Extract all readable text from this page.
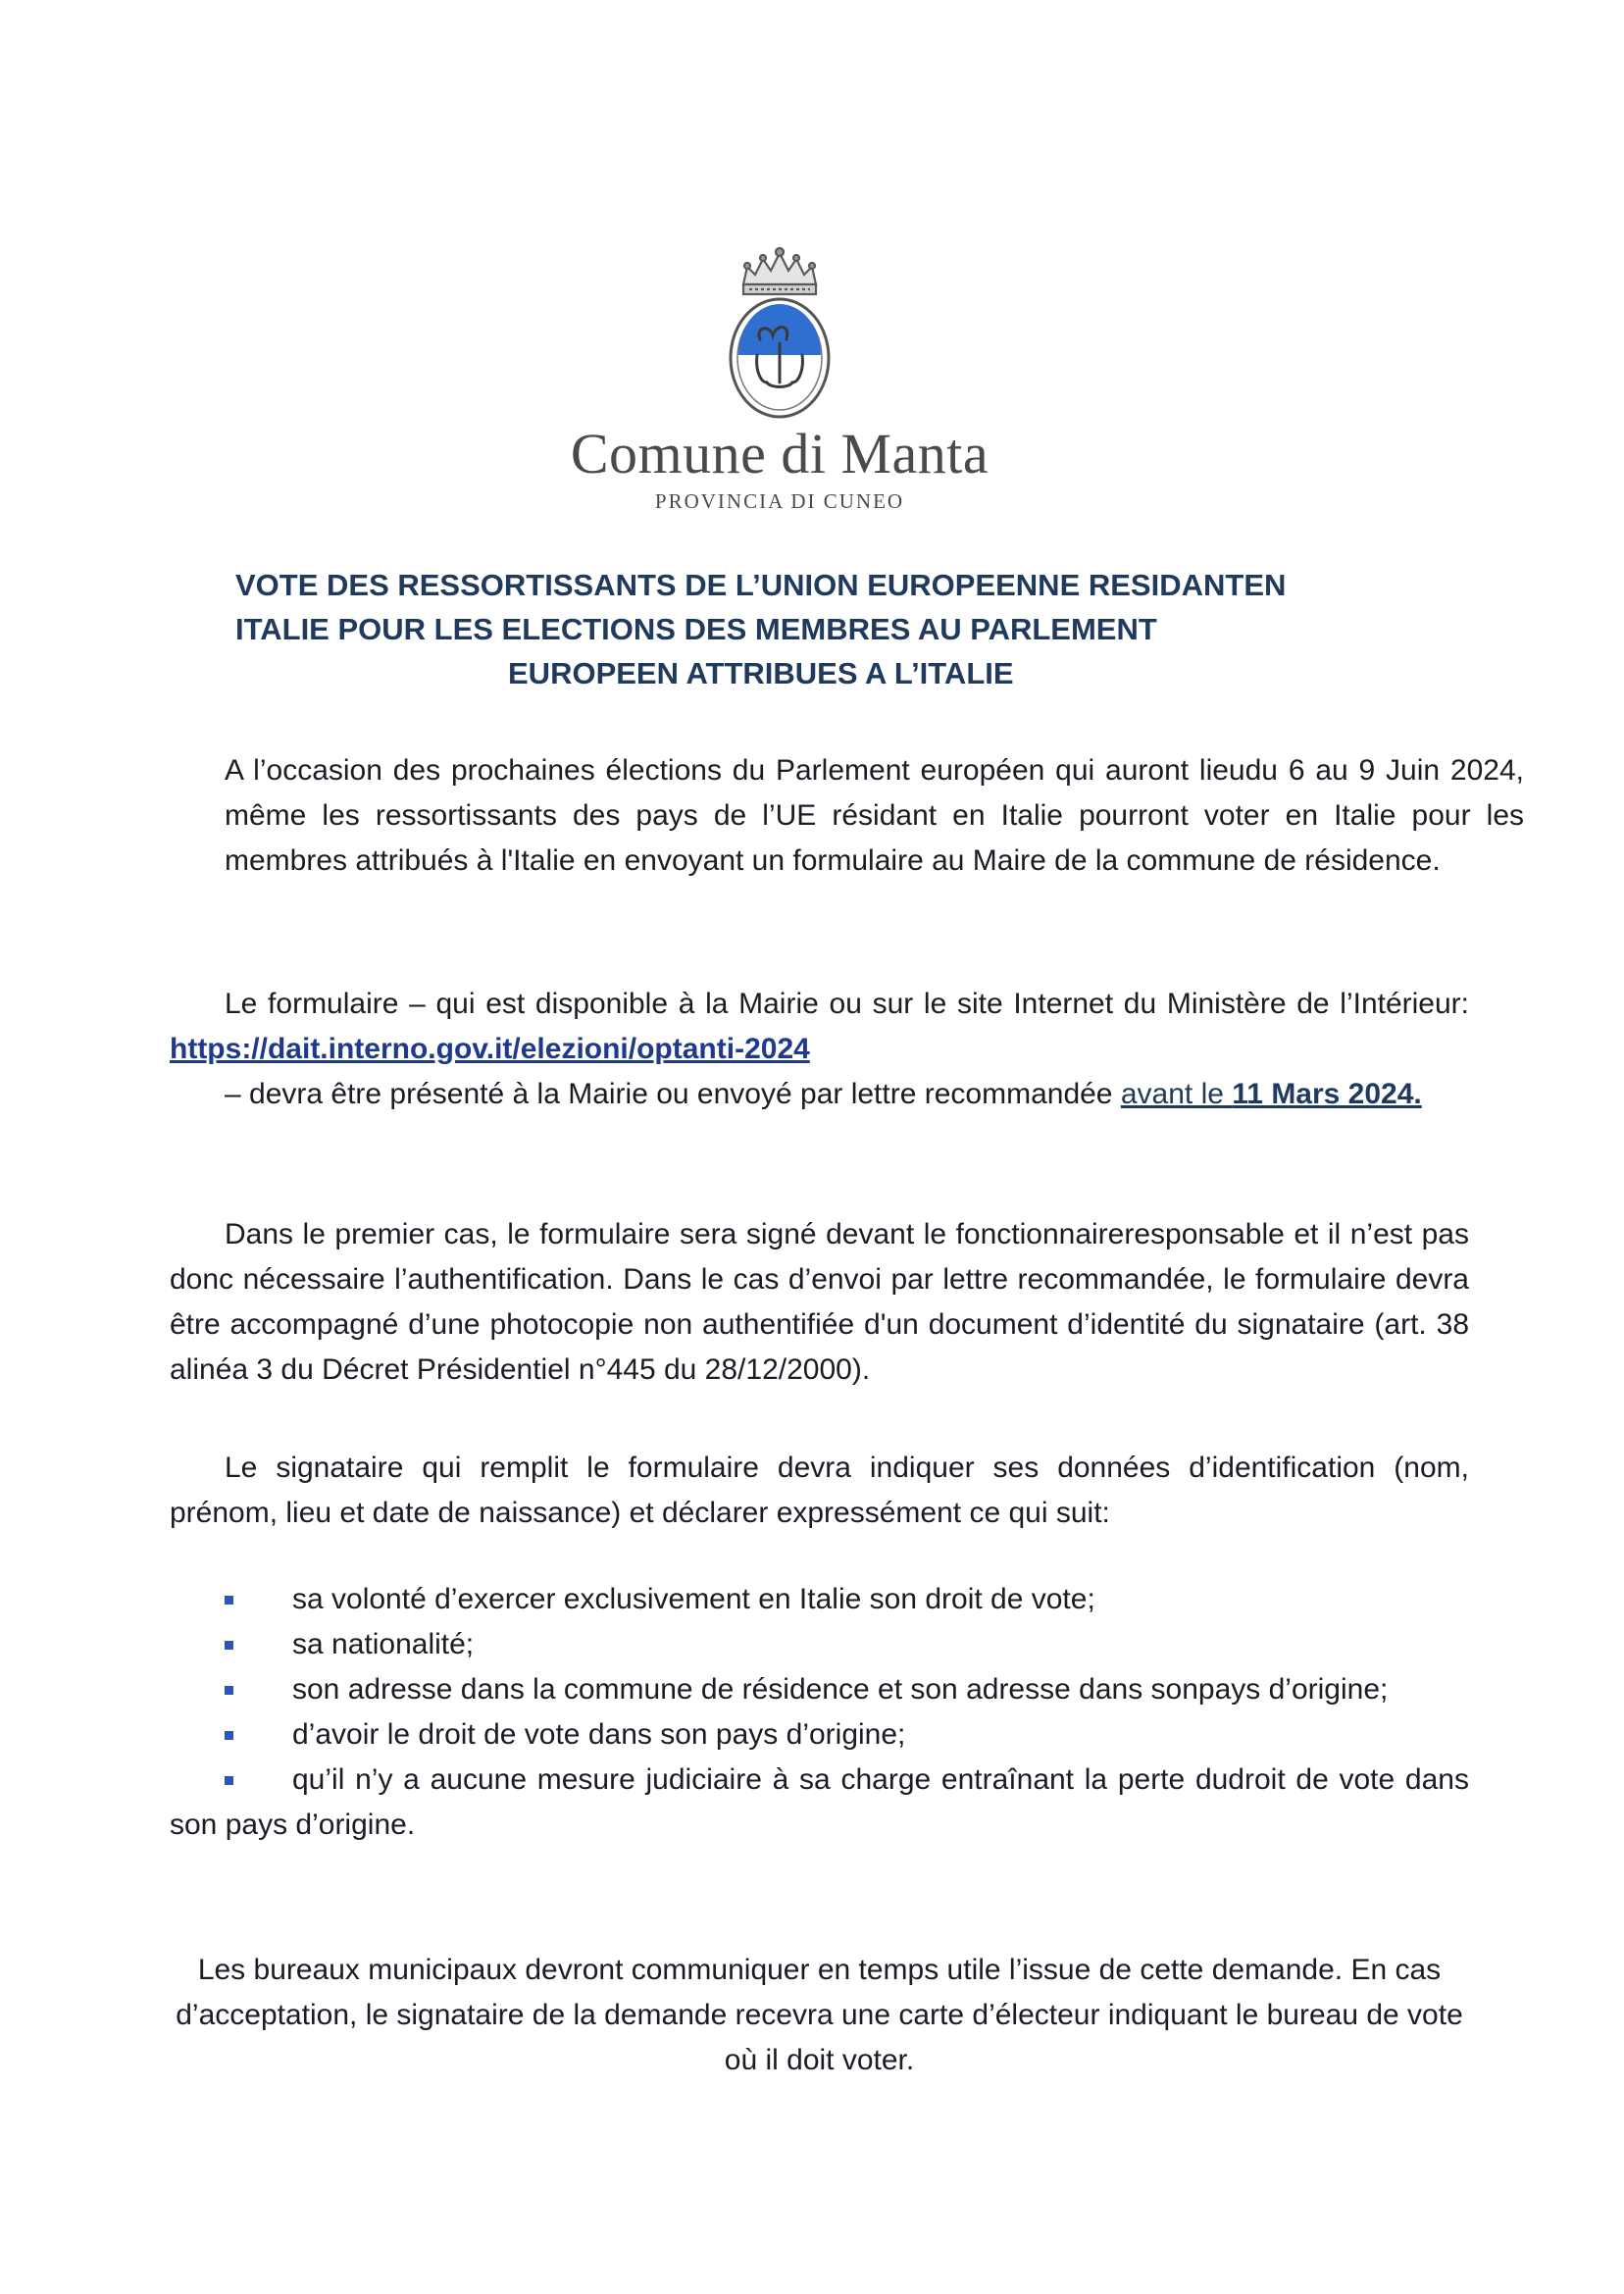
Comune di Manta
PROVINCIA DI CUNEO
VOTE DES RESSORTISSANTS DE L’UNION EUROPEENNE RESIDANTEN
ITALIE POUR LES ELECTIONS DES MEMBRES AU PARLEMENT
EUROPEEN ATTRIBUES A L’ITALIE
A l’occasion des prochaines élections du Parlement européen qui auront lieudu 6 au 9 Juin 2024, même les ressortissants des pays de l’UE résidant en Italie pourront voter en Italie pour les membres attribués à l'Italie en envoyant un formulaire au Maire de la commune de résidence.
Le formulaire – qui est disponible à la Mairie ou sur le site Internet du Ministère de l’Intérieur: https://dait.interno.gov.it/elezioni/optanti-2024
– devra être présenté à la Mairie ou envoyé par lettre recommandée avant le 11 Mars 2024.
Dans le premier cas, le formulaire sera signé devant le fonctionnaireresponsable et il n’est pas donc nécessaire l’authentification. Dans le cas d’envoi par lettre recommandée, le formulaire devra être accompagné d’une photocopie non authentifiée d'un document d’identité du signataire (art. 38 alinéa 3 du Décret Présidentiel n°445 du 28/12/2000).
Le signataire qui remplit le formulaire devra indiquer ses données d’identification (nom, prénom, lieu et date de naissance) et déclarer expressément ce qui suit:
sa volonté d’exercer exclusivement en Italie son droit de vote;
sa nationalité;
son adresse dans la commune de résidence et son adresse dans sonpays d’origine;
d’avoir le droit de vote dans son pays d’origine;
qu’il n’y a aucune mesure judiciaire à sa charge entraînant la perte dudroit de vote dans son pays d’origine.
Les bureaux municipaux devront communiquer en temps utile l’issue de cette demande. En cas d’acceptation, le signataire de la demande recevra une carte d’électeur indiquant le bureau de vote où il doit voter.
